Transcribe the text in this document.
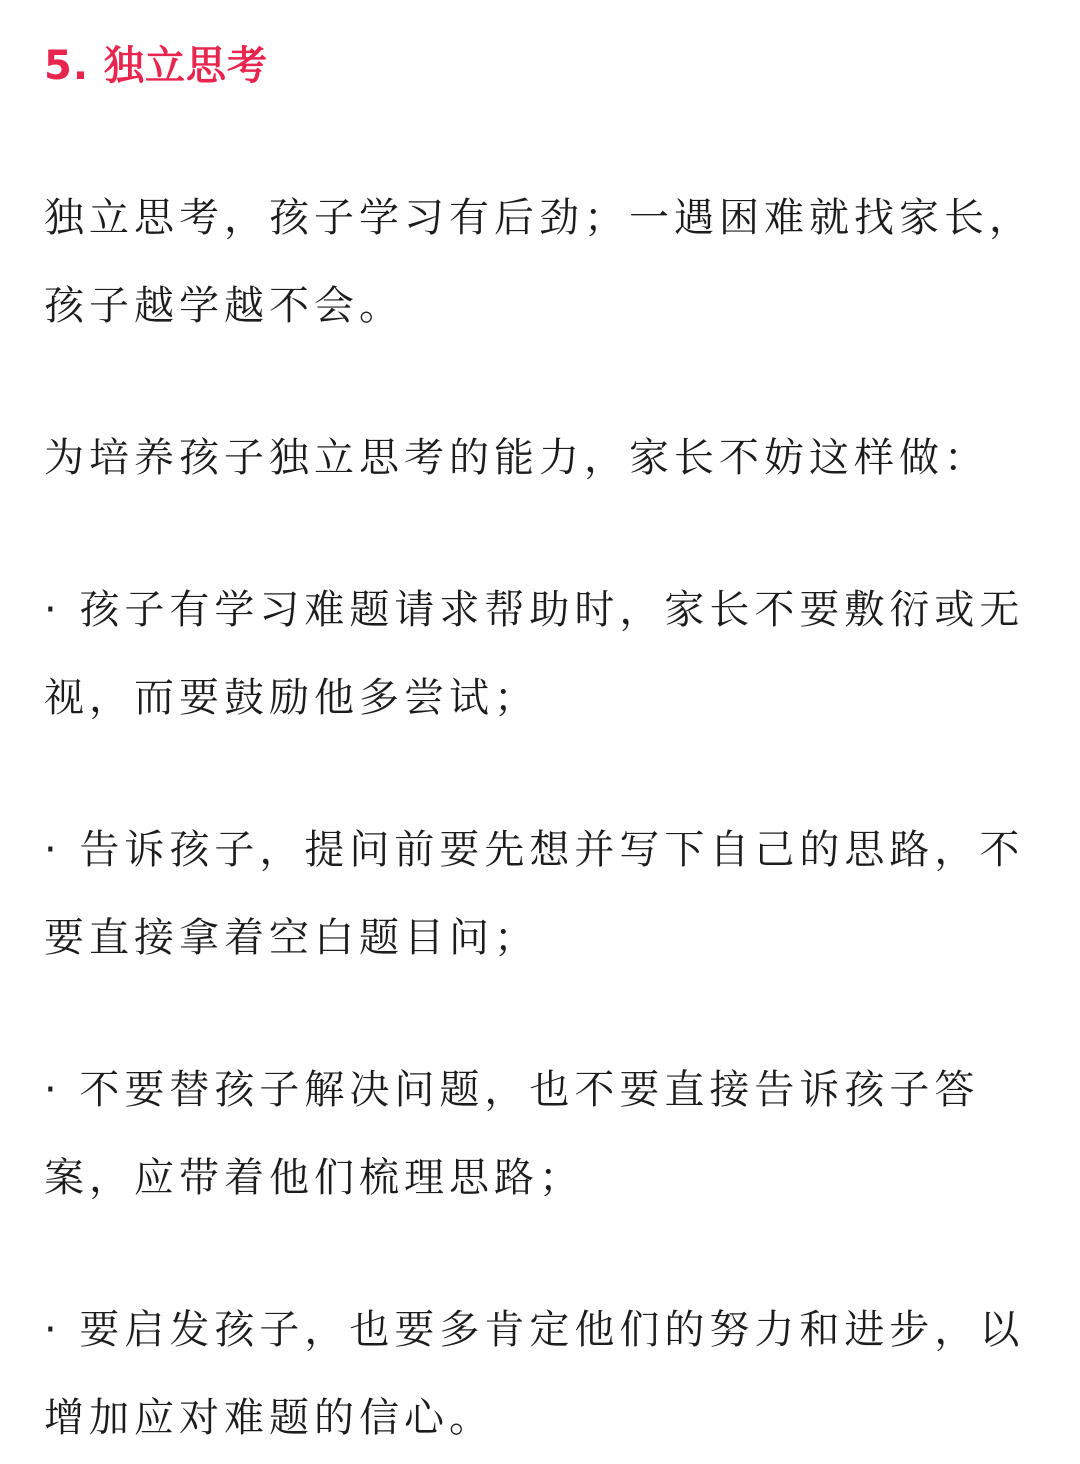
5. 独立思考

独立思考，孩子学习有后劲；一遇困难就找家长，孩子越学越不会。

为培养孩子独立思考的能力，家长不妨这样做：

· 孩子有学习难题请求帮助时，家长不要敷衍或无视，而要鼓励他多尝试；

· 告诉孩子，提问前要先想并写下自己的思路，不要直接拿着空白题目问；

· 不要替孩子解决问题，也不要直接告诉孩子答案，应带着他们梳理思路；

· 要启发孩子，也要多肯定他们的努力和进步，以增加应对难题的信心。
